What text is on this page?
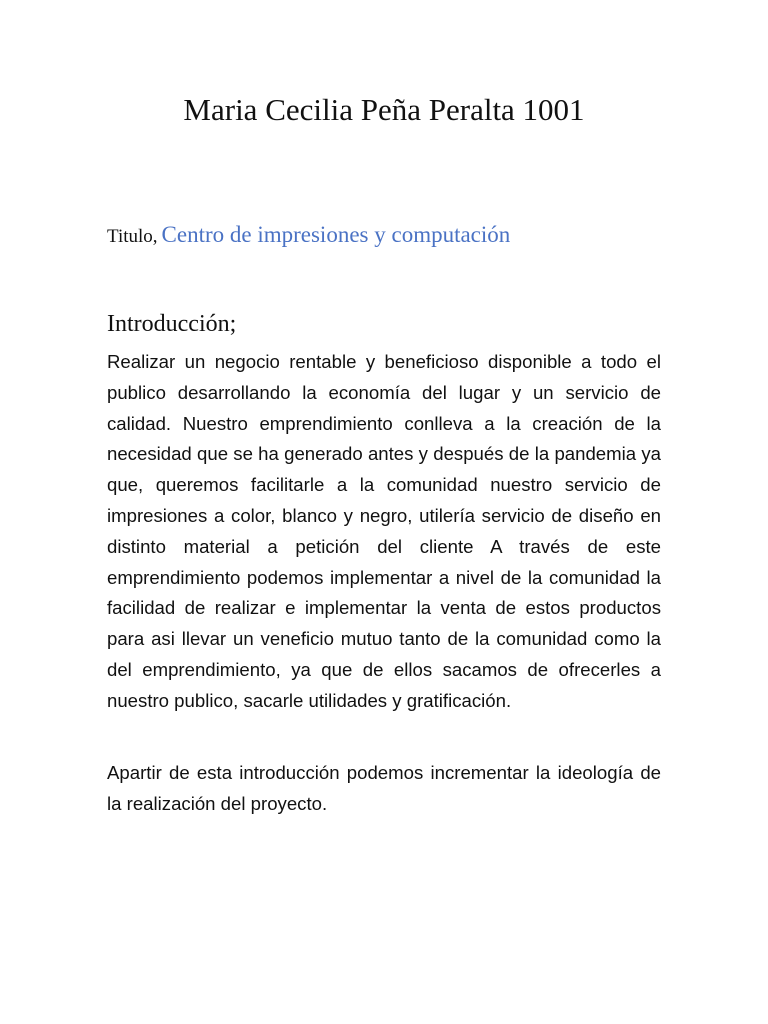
Maria Cecilia Peña Peralta 1001
Titulo, Centro de impresiones y computación
Introducción;

Realizar un negocio rentable y beneficioso disponible a todo el publico desarrollando la economía del lugar y un servicio de calidad. Nuestro emprendimiento conlleva a la creación de la necesidad que se ha generado antes y después de la pandemia ya que, queremos facilitarle a la comunidad nuestro servicio de impresiones a color, blanco y negro, utilería servicio de diseño en distinto material a petición del cliente A través de este emprendimiento podemos implementar a nivel de la comunidad la facilidad de realizar e implementar la venta de estos productos para asi llevar un veneficio mutuo tanto de la comunidad como la del emprendimiento, ya que de ellos sacamos de ofrecerles a nuestro publico, sacarle utilidades y gratificación.

Apartir de esta introducción podemos incrementar la ideología de la realización del proyecto.
